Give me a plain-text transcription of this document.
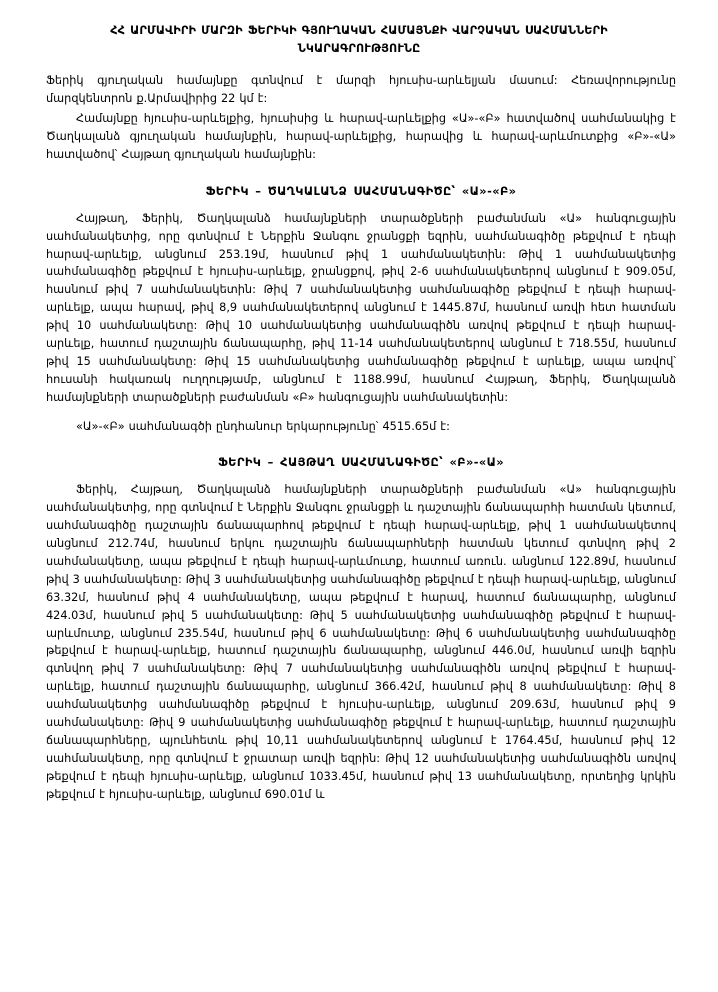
ՀՀ ԱՐՄԱՎԻՐԻ ՄԱՐԶԻ ՖԵՐԻԿԻ ԳՅՈՒՂԱԿԱՆ ՀԱՄԱՅՆՔԻ ՎԱՐՉԱԿԱՆ ՍԱՀՄԱՆՆԵՐԻ ՆԿԱՐԱԳՐՈՒԹՅՈՒՆԸ

Ֆերիկ գյուղական համայնքը գտնվում է մարզի հյուսիս-արևելյան մասում: Հեռավորությունը մարզկենտրոն ք.Արմավիրից 22 կմ է:

Համայնքը հյուսիս-արևելքից, հյուսիսից և հարավ-արևելքից «Ա»-«Բ» հատվածով սահմանակից է Ծաղկալանձ գյուղական համայնքին, հարավ-արևելքից, հարավից և հարավ-արևմուտքից «Բ»-«Ա» հատվածով՝ Հայթաղ գյուղական համայնքին:

ՖԵՐԻԿ – ԾԱՂԿԱԼԱՆՁ ՍԱՀՄԱՆԱԳԻԾԸ՝ «Ա»-«Բ»

Հայթաղ, Ֆերիկ, Ծաղկալանձ համայնքների տարածքների բաժանման «Ա» հանգուցային սահմանակետից, որը գտնվում է Ներքին Ջանգու ջրանցքի եզրին, սահմանագիծը թեքվում է դեպի հարավ-արևելք, անցնում 253.19մ, հասնում թիվ 1 սահմանակետին: Թիվ 1 սահմանակետից սահմանագիծը թեքվում է հյուսիս-արևելք, ջրանցքով, թիվ 2-6 սահմանակետերով անցնում է 909.05մ, հասնում թիվ 7 սահմանակետին: Թիվ 7 սահմանակետից սահմանագիծը թեքվում է դեպի հարավ-արևելք, ապա հարավ, թիվ 8,9 սահմանակետերով անցնում է 1445.87մ, հասնում առվի հետ հատման թիվ 10 սահմանակետը: Թիվ 10 սահմանակետից սահմանագիծն առվով թեքվում է դեպի հարավ-արևելք, հատում դաշտային ճանապարհը, թիվ 11-14 սահմանակետերով անցնում է 718.55մ, հասնում թիվ 15 սահմանակետը: Թիվ 15 սահմանակետից սահմանագիծը թեքվում է արևելք, ապա առվով՝ հուսանի հակառակ ուղղությամբ, անցնում է 1188.99մ, հասնում Հայթաղ, Ֆերիկ, Ծաղկալանձ համայնքների տարածքների բաժանման «Բ» հանգուցային սահմանակետին:

«Ա»-«Բ» սահմանագծի ընդհանուր երկարությունը՝ 4515.65մ է:

ՖԵՐԻԿ – ՀԱՅԹԱՂ ՍԱՀՄԱՆԱԳԻԾԸ՝ «Բ»-«Ա»

Ֆերիկ, Հայթաղ, Ծաղկալանձ համայնքների տարածքների բաժանման «Ա» հանգուցային սահմանակետից, որը գտնվում է Ներքին Ջանգու ջրանցքի և դաշտային ճանապարհի հատման կետում, սահմանագիծը դաշտային ճանապարհով թեքվում է դեպի հարավ-արևելք, թիվ 1 սահմանակետով անցնում 212.74մ, հասնում երկու դաշտային ճանապարհների հատման կետում գտնվող թիվ 2 սահմանակետը, ապա թեքվում է դեպի հարավ-արևմուտք, հատում առուն. անցնում 122.89մ, հասնում թիվ 3 սահմանակետը: Թիվ 3 սահմանակետից սահմանագիծը թեքվում է դեպի հարավ-արևելք, անցնում 63.32մ, հասնում թիվ 4 սահմանակետը, ապա թեքվում է հարավ, հատում ճանապարհը, անցնում 424.03մ, հասնում թիվ 5 սահմանակետը: Թիվ 5 սահմանակետից սահմանագիծը թեքվում է հարավ-արևմուտք, անցնում 235.54մ, հասնում թիվ 6 սահմանակետը: Թիվ 6 սահմանակետից սահմանագիծը թեքվում է հարավ-արևելք, հատում դաշտային ճանապարհը, անցնում 446.0մ, հասնում առվի եզրին գտնվող թիվ 7 սահմանակետը: Թիվ 7 սահմանակետից սահմանագիծն առվով թեքվում է հարավ-արևելք, հատում դաշտային ճանապարհը, անցնում 366.42մ, հասնում թիվ 8 սահմանակետը: Թիվ 8 սահմանակետից սահմանագիծը թեքվում է հյուսիս-արևելք, անցնում 209.63մ, հասնում թիվ 9 սահմանակետը: Թիվ 9 սահմանակետից սահմանագիծը թեքվում է հարավ-արևելք, հատում դաշտային ճանապարհները, պյունհետև թիվ 10,11 սահմանակետերով անցնում է 1764.45մ, հասնում թիվ 12 սահմանակետը, որը գտնվում է ջրատար առվի եզրին: Թիվ 12 սահմանակետից սահմանագիծն առվով թեքվում է դեպի հյուսիս-արևելք, անցնում 1033.45մ, հասնում թիվ 13 սահմանակետը, որտեղից կրկին թեքվում է հյուսիս-արևելք, անցնում 690.01մ և
